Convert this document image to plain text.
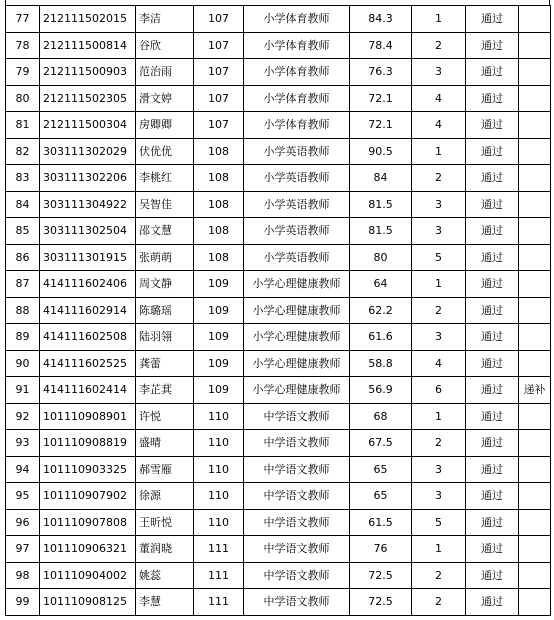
77	212111502015	李洁	107	小学体育教师	84.3	1	通过	
78	212111500814	谷欣	107	小学体育教师	78.4	2	通过	
79	212111500903	范治雨	107	小学体育教师	76.3	3	通过	
80	212111502305	滑文婷	107	小学体育教师	72.1	4	通过	
81	212111500304	房卿卿	107	小学体育教师	72.1	4	通过	
82	303111302029	伏优优	108	小学英语教师	90.5	1	通过	
83	303111302206	李桃红	108	小学英语教师	84	2	通过	
84	303111304922	吴智佳	108	小学英语教师	81.5	3	通过	
85	303111302504	邵文慧	108	小学英语教师	81.5	3	通过	
86	303111301915	张萌萌	108	小学英语教师	80	5	通过	
87	414111602406	周文静	109	小学心理健康教师	64	1	通过	
88	414111602914	陈璐瑶	109	小学心理健康教师	62.2	2	通过	
89	414111602508	陆羽翎	109	小学心理健康教师	61.6	3	通过	
90	414111602525	龚蕾	109	小学心理健康教师	58.8	4	通过	
91	414111602414	李芷萁	109	小学心理健康教师	56.9	6	通过	递补
92	101110908901	许悦	110	中学语文教师	68	1	通过	
93	101110908819	盛晴	110	中学语文教师	67.5	2	通过	
94	101110903325	郝雪雁	110	中学语文教师	65	3	通过	
95	101110907902	徐源	110	中学语文教师	65	3	通过	
96	101110907808	王昕悦	110	中学语文教师	61.5	5	通过	
97	101110906321	董润晓	111	中学语文教师	76	1	通过	
98	101110904002	姚蕊	111	中学语文教师	72.5	2	通过	
99	101110908125	李慧	111	中学语文教师	72.5	2	通过	
